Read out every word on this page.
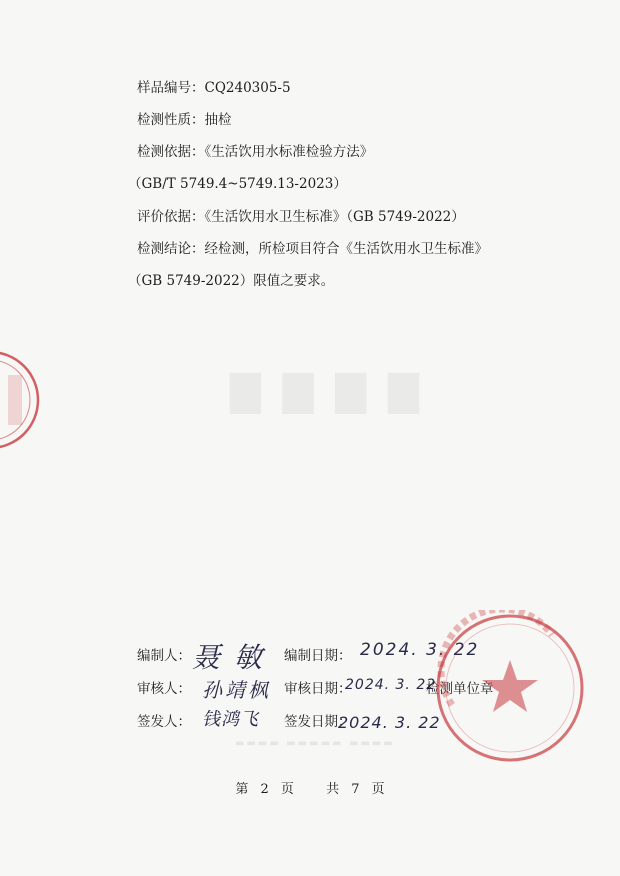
▇ ▇ ▇ ▇
样品编号：CQ240305-5
检测性质：抽检
检测依据：《生活饮用水标准检验方法》
（GB/T 5749.4~5749.13-2023）
评价依据：《生活饮用水卫生标准》（GB 5749-2022）
检测结论：经检测，所检项目符合《生活饮用水卫生标准》
（GB 5749-2022）限值之要求。
编制人： 聂敏 编制日期： 2024. 3. 22
审核人： 孙靖枫 审核日期：
2024. 3. 22
检测单位章
签发人： 钱鸿飞 签发日期：
2024. 3. 22
▬▬▬▬ ▬▬▬▬▬ ▬▬▬▬
第 2 页 共 7 页
